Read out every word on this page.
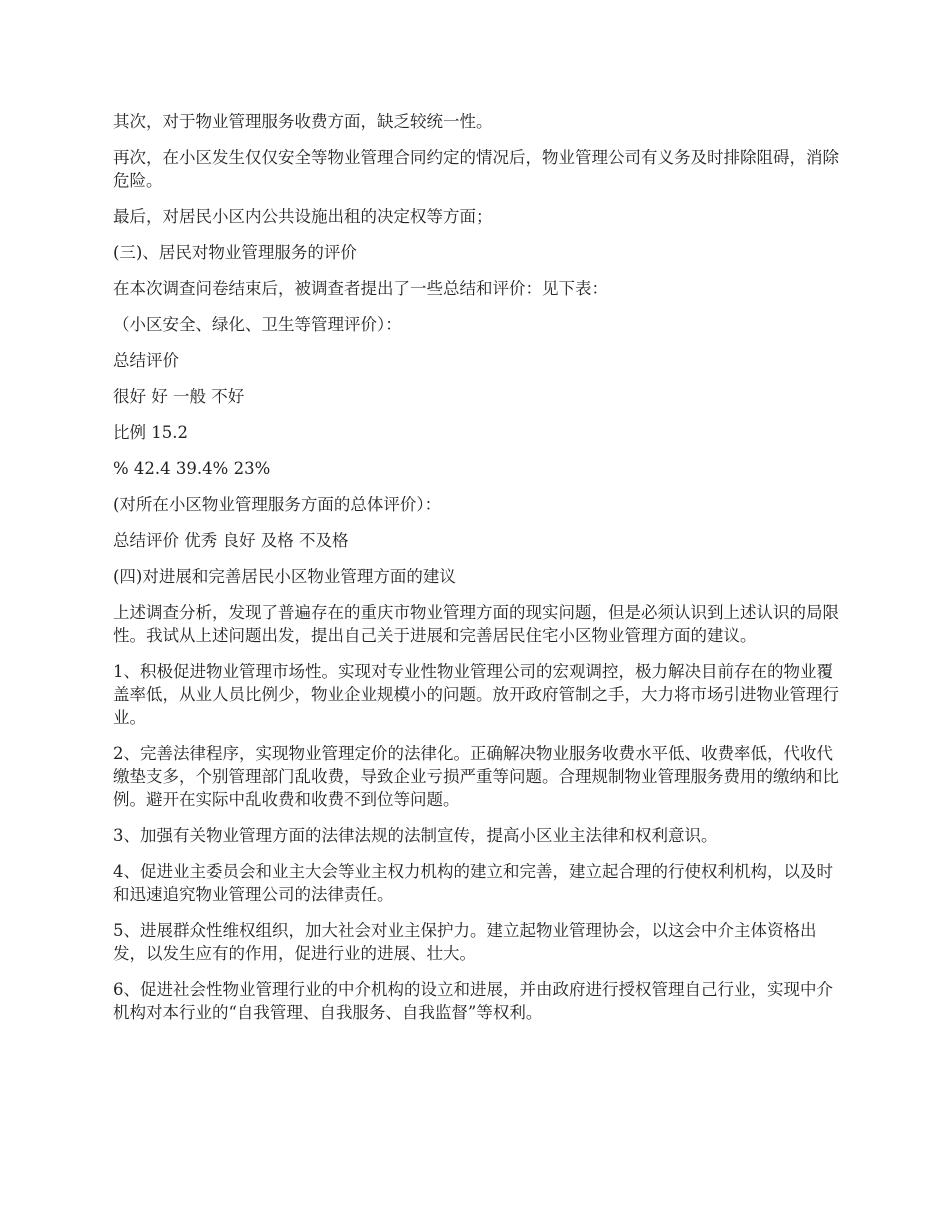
其次，对于物业管理服务收费方面，缺乏较统一性。

再次，在小区发生仅仅安全等物业管理合同约定的情况后，物业管理公司有义务及时排除阻碍，消除危险。

最后，对居民小区内公共设施出租的决定权等方面；

(三)、居民对物业管理服务的评价

在本次调查问卷结束后，被调查者提出了一些总结和评价：见下表：

（小区安全、绿化、卫生等管理评价）：

总结评价

很好 好 一般 不好

比例 15.2

% 42.4 39.4% 23%

(对所在小区物业管理服务方面的总体评价）：

总结评价 优秀 良好 及格 不及格

(四)对进展和完善居民小区物业管理方面的建议

上述调查分析，发现了普遍存在的重庆市物业管理方面的现实问题，但是必须认识到上述认识的局限性。我试从上述问题出发，提出自己关于进展和完善居民住宅小区物业管理方面的建议。

1、积极促进物业管理市场性。实现对专业性物业管理公司的宏观调控，极力解决目前存在的物业覆盖率低，从业人员比例少，物业企业规模小的问题。放开政府管制之手，大力将市场引进物业管理行业。

2、完善法律程序，实现物业管理定价的法律化。正确解决物业服务收费水平低、收费率低，代收代缴垫支多，个别管理部门乱收费，导致企业亏损严重等问题。合理规制物业管理服务费用的缴纳和比例。避开在实际中乱收费和收费不到位等问题。

3、加强有关物业管理方面的法律法规的法制宣传，提高小区业主法律和权利意识。

4、促进业主委员会和业主大会等业主权力机构的建立和完善，建立起合理的行使权利机构，以及时和迅速追究物业管理公司的法律责任。

5、进展群众性维权组织，加大社会对业主保护力。建立起物业管理协会，以这会中介主体资格出发，以发生应有的作用，促进行业的进展、壮大。

6、促进社会性物业管理行业的中介机构的设立和进展，并由政府进行授权管理自己行业，实现中介机构对本行业的“自我管理、自我服务、自我监督”等权利。
